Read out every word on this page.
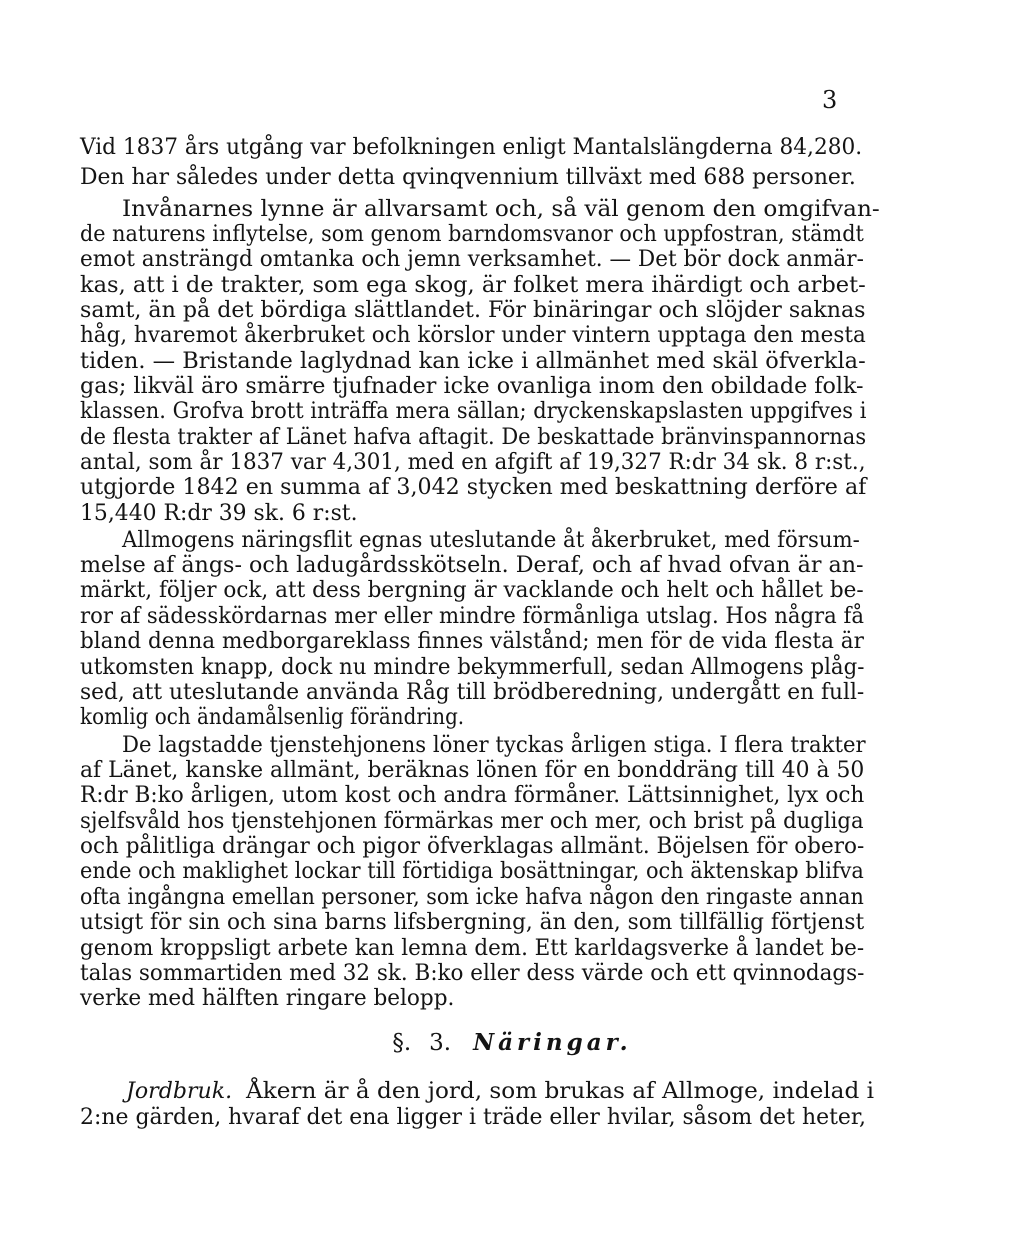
3
Vid 1837 års utgång var befolkningen enligt Mantalslängderna 84,280.
Den har således under detta qvinqvennium tillväxt med 688 personer.
Invånarnes lynne är allvarsamt och, så väl genom den omgifvan-
de naturens inflytelse, som genom barndomsvanor och uppfostran, stämdt
emot ansträngd omtanka och jemn verksamhet. — Det bör dock anmär-
kas, att i de trakter, som ega skog, är folket mera ihärdigt och arbet-
samt, än på det bördiga slättlandet. För binäringar och slöjder saknas
håg, hvaremot åkerbruket och körslor under vintern upptaga den mesta
tiden. — Bristande laglydnad kan icke i allmänhet med skäl öfverkla-
gas; likväl äro smärre tjufnader icke ovanliga inom den obildade folk-
klassen. Grofva brott inträffa mera sällan; dryckenskapslasten uppgifves i
de flesta trakter af Länet hafva aftagit. De beskattade bränvinspannornas
antal, som år 1837 var 4,301, med en afgift af 19,327 R:dr 34 sk. 8 r:st.,
utgjorde 1842 en summa af 3,042 stycken med beskattning derföre af
15,440 R:dr 39 sk. 6 r:st.
Allmogens näringsflit egnas uteslutande åt åkerbruket, med försum-
melse af ängs- och ladugårdsskötseln. Deraf, och af hvad ofvan är an-
märkt, följer ock, att dess bergning är vacklande och helt och hållet be-
ror af sädesskördarnas mer eller mindre förmånliga utslag. Hos några få
bland denna medborgareklass finnes välstånd; men för de vida flesta är
utkomsten knapp, dock nu mindre bekymmerfull, sedan Allmogens plåg-
sed, att uteslutande använda Råg till brödberedning, undergått en full-
komlig och ändamålsenlig förändring.
De lagstadde tjenstehjonens löner tyckas årligen stiga. I flera trakter
af Länet, kanske allmänt, beräknas lönen för en bonddräng till 40 à 50
R:dr B:ko årligen, utom kost och andra förmåner. Lättsinnighet, lyx och
sjelfsvåld hos tjenstehjonen förmärkas mer och mer, och brist på dugliga
och pålitliga drängar och pigor öfverklagas allmänt. Böjelsen för obero-
ende och maklighet lockar till förtidiga bosättningar, och äktenskap blifva
ofta ingångna emellan personer, som icke hafva någon den ringaste annan
utsigt för sin och sina barns lifsbergning, än den, som tillfällig förtjenst
genom kroppsligt arbete kan lemna dem. Ett karldagsverke å landet be-
talas sommartiden med 32 sk. B:ko eller dess värde och ett qvinnodags-
verke med hälften ringare belopp.
§. 3. Näringar.
Jordbruk. Åkern är å den jord, som brukas af Allmoge, indelad i
2:ne gärden, hvaraf det ena ligger i träde eller hvilar, såsom det heter,
